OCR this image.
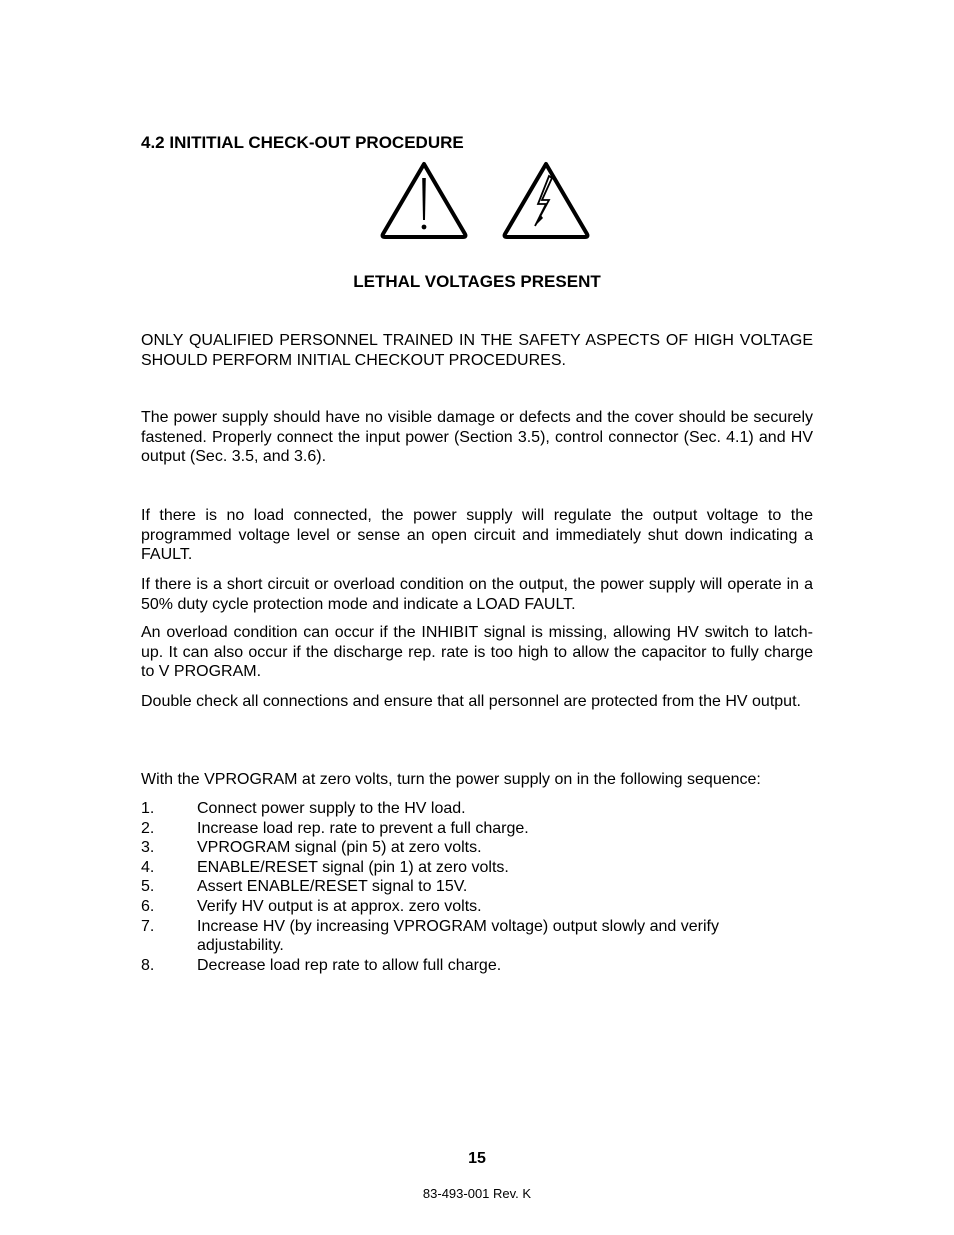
4.2 INITITIAL CHECK-OUT PROCEDURE
LETHAL VOLTAGES PRESENT

ONLY QUALIFIED PERSONNEL TRAINED IN THE SAFETY ASPECTS OF HIGH VOLTAGE SHOULD PERFORM INITIAL CHECKOUT PROCEDURES.

The power supply should have no visible damage or defects and the cover should be securely fastened. Properly connect the input power (Section 3.5), control connector (Sec. 4.1) and HV output (Sec. 3.5, and 3.6).

If there is no load connected, the power supply will regulate the output voltage to the programmed voltage level or sense an open circuit and immediately shut down indicating a FAULT.

If there is a short circuit or overload condition on the output, the power supply will operate in a 50% duty cycle protection mode and indicate a LOAD FAULT.

An overload condition can occur if the INHIBIT signal is missing, allowing HV switch to latch-up. It can also occur if the discharge rep. rate is too high to allow the capacitor to fully charge to V PROGRAM.

Double check all connections and ensure that all personnel are protected from the HV output.

With the VPROGRAM at zero volts, turn the power supply on in the following sequence:

1.	Connect power supply to the HV load.
2.	Increase load rep. rate to prevent a full charge.
3.	VPROGRAM signal (pin 5) at zero volts.
4.	ENABLE/RESET signal (pin 1) at zero volts.
5.	Assert ENABLE/RESET signal to 15V.
6.	Verify HV output is at approx. zero volts.
7.	Increase HV (by increasing VPROGRAM voltage) output slowly and verify adjustability.
8.	Decrease load rep rate to allow full charge.

15

83-493-001 Rev. K
